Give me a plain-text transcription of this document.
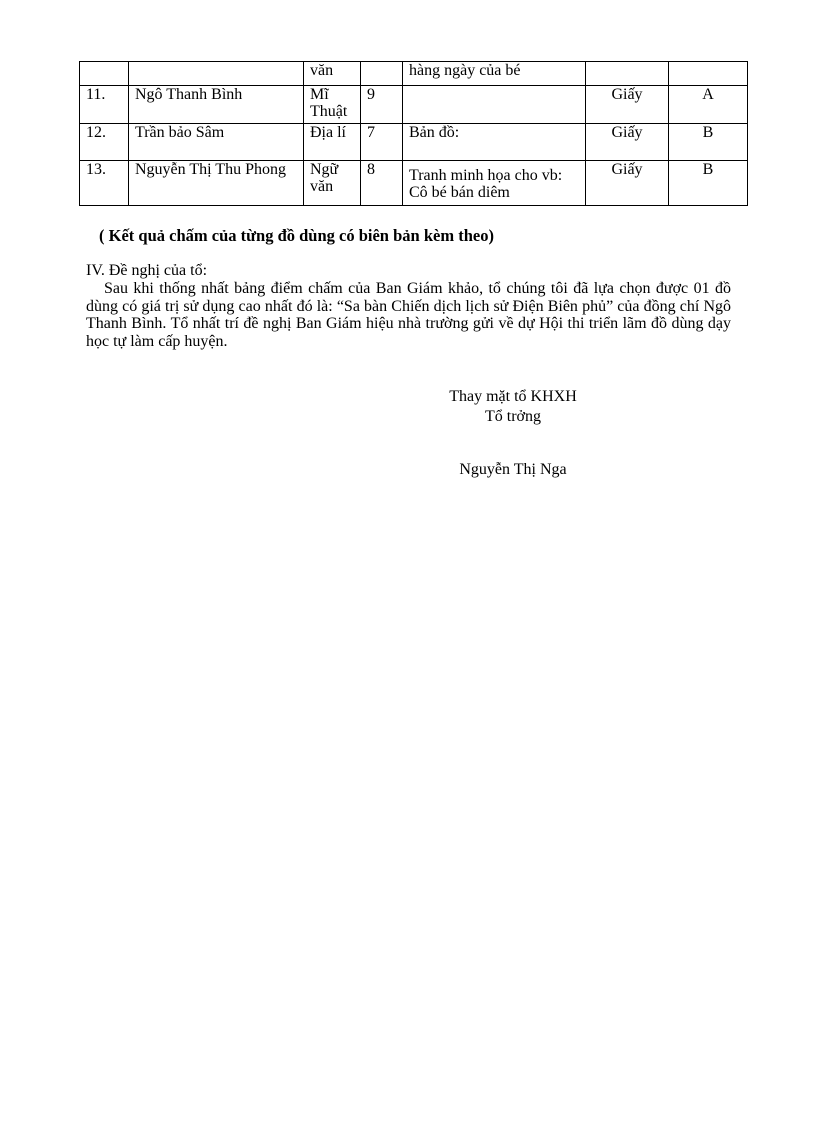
		văn		hàng ngày của bé		
11.	Ngô Thanh Bình	Mĩ Thuật	9		Giấy	A
12.	Trần bảo Sâm	Địa lí	7	Bản đồ:	Giấy	B
13.	Nguyễn Thị Thu Phong	Ngữ văn	8	Tranh minh họa cho vb: Cô bé bán diêm	Giấy	B
( Kết quả chấm của từng đồ dùng có biên bản kèm theo)
IV. Đề nghị của tổ:
Sau khi thống nhất bảng điểm chấm của Ban Giám khảo, tổ chúng tôi đã lựa chọn được 01 đồ dùng có giá trị sử dụng cao nhất đó là: “Sa bàn Chiến dịch lịch sử Điện Biên phủ” của đồng chí Ngô Thanh Bình. Tổ nhất trí đề nghị Ban Giám hiệu nhà trường gửi về dự Hội thi triển lãm đồ dùng dạy học tự làm cấp huyện.
Thay mặt tổ KHXH
Tổ trởng
Nguyễn Thị Nga
